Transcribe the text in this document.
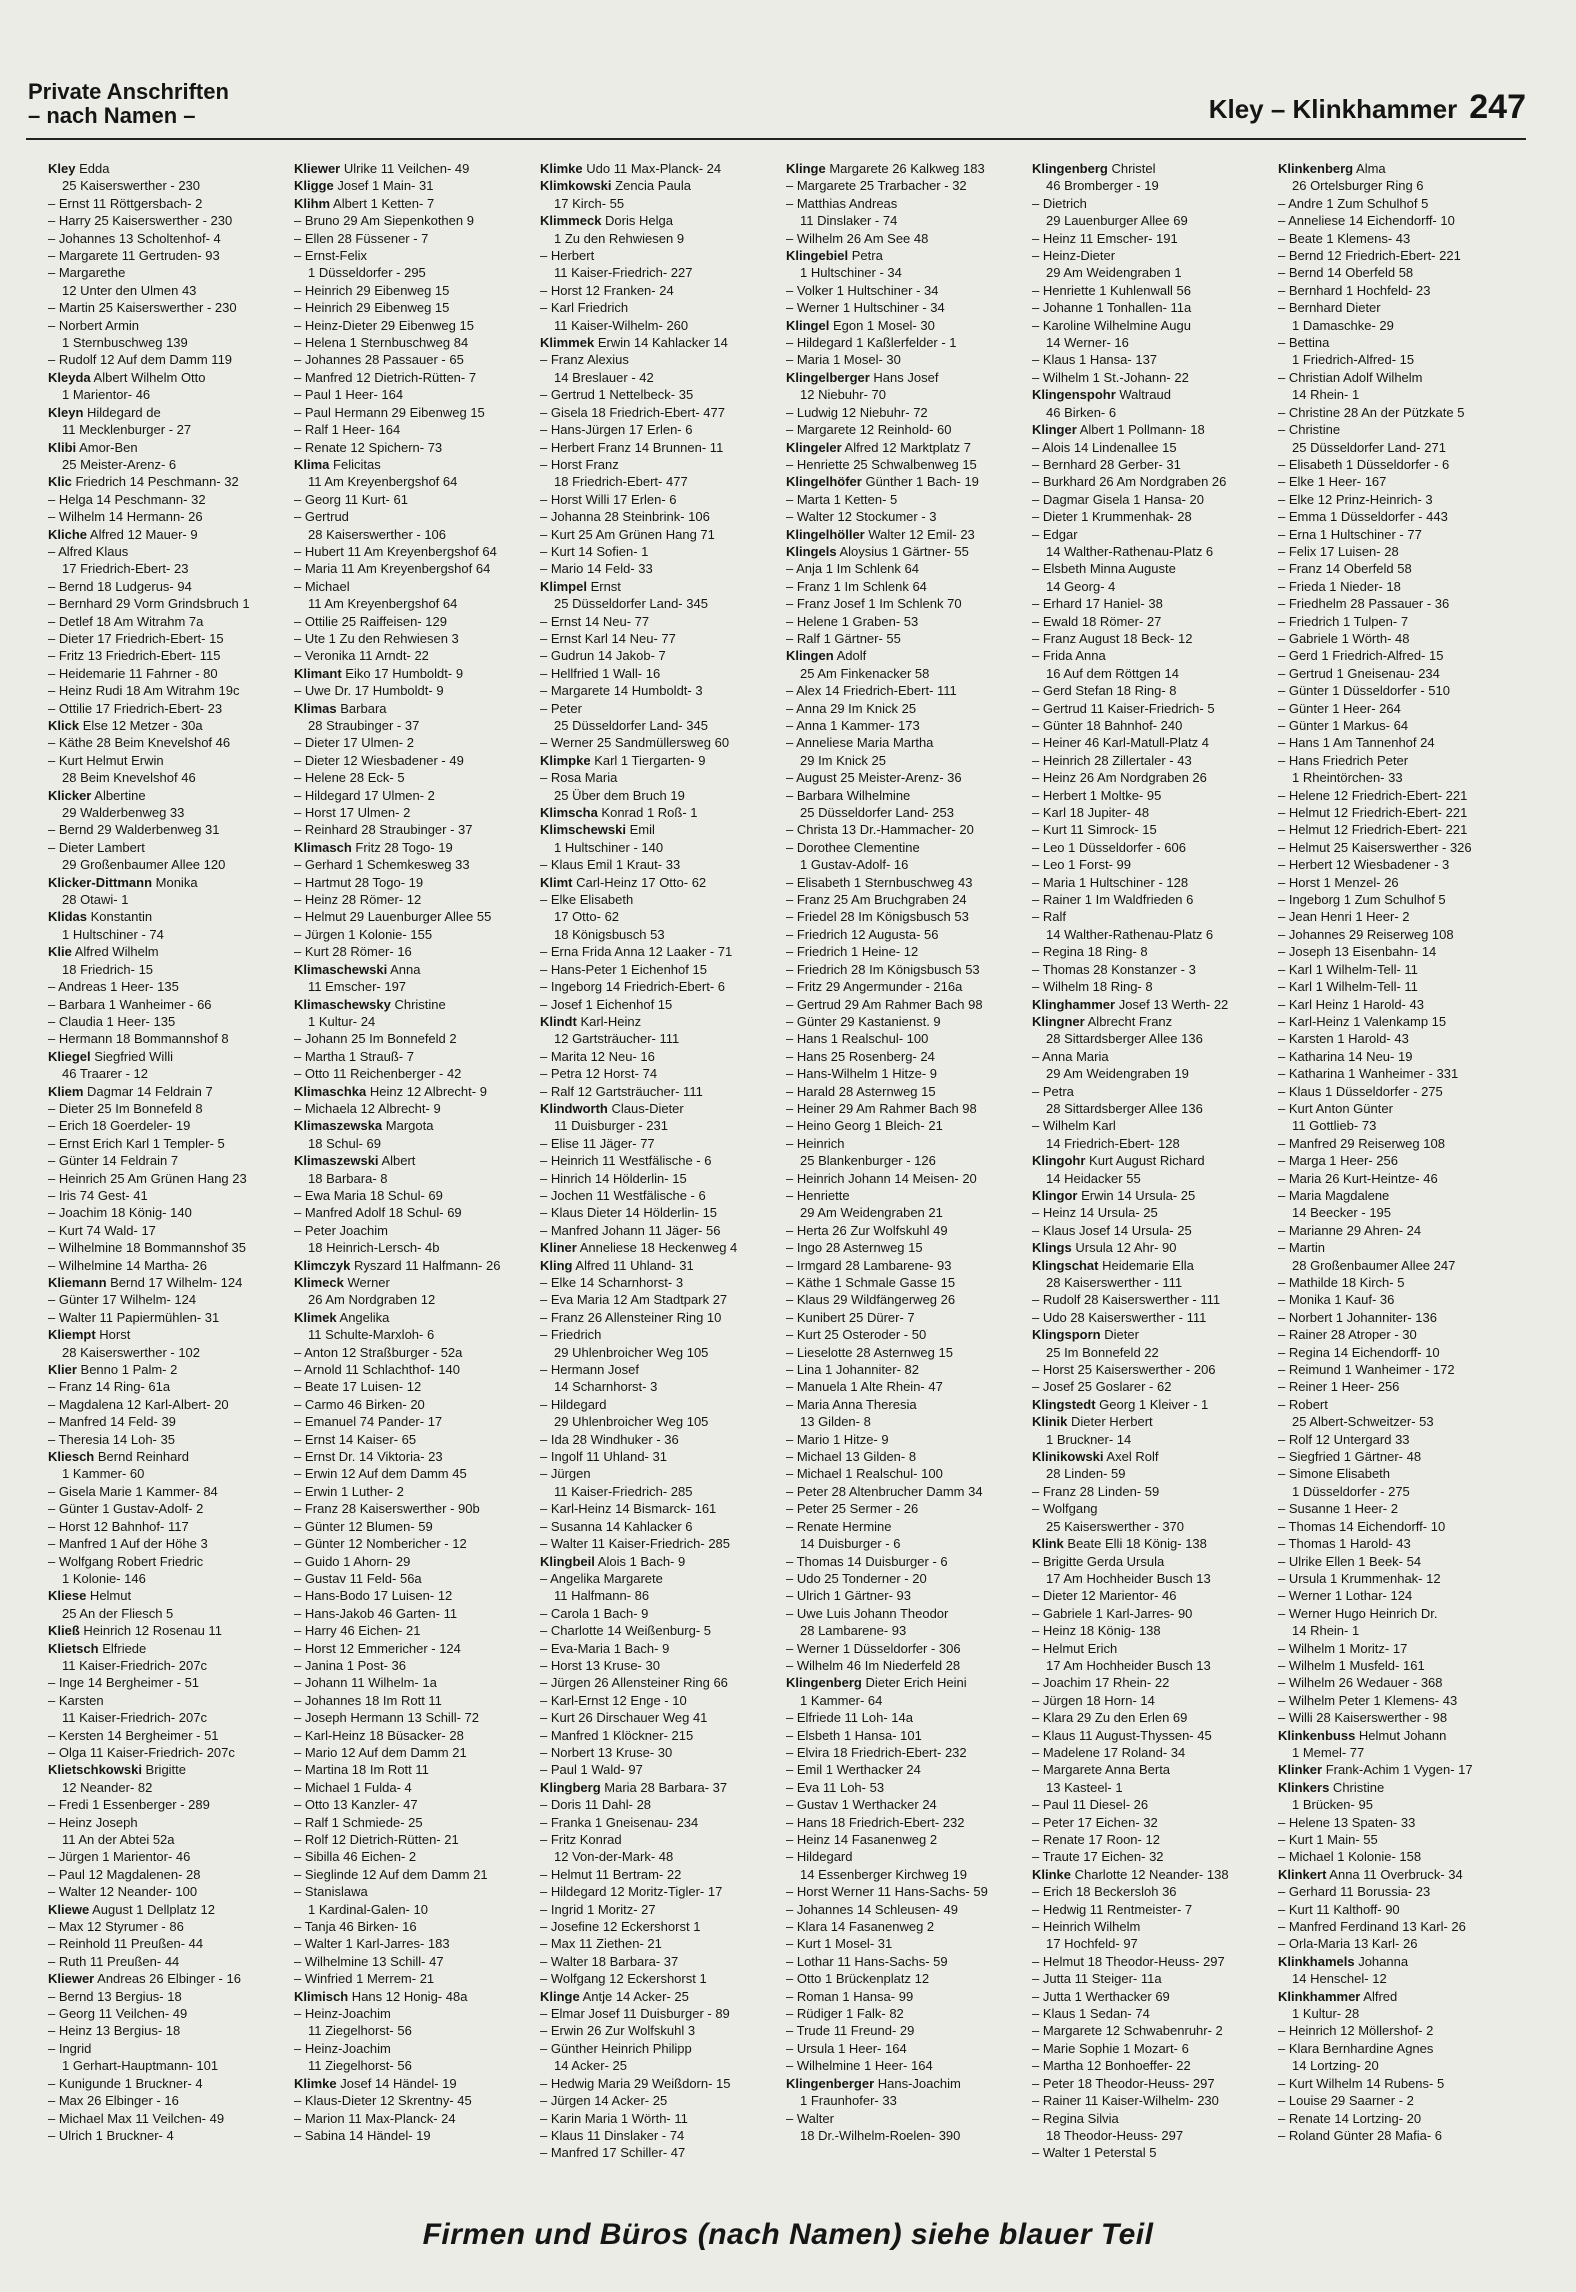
Private Anschriften
– nach Namen –	Kley – Klinkhammer 247
Kley Edda
25 Kaiserswerther - 230
– Ernst 11 Röttgersbach- 2
– Harry 25 Kaiserswerther - 230
– Johannes 13 Scholtenhof- 4
– Margarete 11 Gertruden- 93
– Margarethe
12 Unter den Ulmen 43
– Martin 25 Kaiserswerther - 230
– Norbert Armin
1 Sternbuschweg 139
– Rudolf 12 Auf dem Damm 119
Kleyda Albert Wilhelm Otto
1 Marientor- 46
Kleyn Hildegard de
11 Mecklenburger - 27
Klibi Amor-Ben
25 Meister-Arenz- 6
Klic Friedrich 14 Peschmann- 32
– Helga 14 Peschmann- 32
– Wilhelm 14 Hermann- 26
Kliche Alfred 12 Mauer- 9
– Alfred Klaus
17 Friedrich-Ebert- 23
– Bernd 18 Ludgerus- 94
– Bernhard 29 Vorm Grindsbruch 1
– Detlef 18 Am Witrahm 7a
– Dieter 17 Friedrich-Ebert- 15
– Fritz 13 Friedrich-Ebert- 115
– Heidemarie 11 Fahrner - 80
– Heinz Rudi 18 Am Witrahm 19c
– Ottilie 17 Friedrich-Ebert- 23
Klick Else 12 Metzer - 30a
– Käthe 28 Beim Knevelshof 46
– Kurt Helmut Erwin
28 Beim Knevelshof 46
Klicker Albertine
29 Walderbenweg 33
– Bernd 29 Walderbenweg 31
– Dieter Lambert
29 Großenbaumer Allee 120
Klicker-Dittmann Monika
28 Otawi- 1
Klidas Konstantin
1 Hultschiner - 74
Klie Alfred Wilhelm
18 Friedrich- 15
– Andreas 1 Heer- 135
– Barbara 1 Wanheimer - 66
– Claudia 1 Heer- 135
– Hermann 18 Bommannshof 8
Kliegel Siegfried Willi
46 Traarer - 12
Kliem Dagmar 14 Feldrain 7
– Dieter 25 Im Bonnefeld 8
– Erich 18 Goerdeler- 19
– Ernst Erich Karl 1 Templer- 5
– Günter 14 Feldrain 7
– Heinrich 25 Am Grünen Hang 23
– Iris 74 Gest- 41
– Joachim 18 König- 140
– Kurt 74 Wald- 17
– Wilhelmine 18 Bommannshof 35
– Wilhelmine 14 Martha- 26
Kliemann Bernd 17 Wilhelm- 124
– Günter 17 Wilhelm- 124
– Walter 11 Papiermühlen- 31
Kliempt Horst
28 Kaiserswerther - 102
Klier Benno 1 Palm- 2
– Franz 14 Ring- 61a
– Magdalena 12 Karl-Albert- 20
– Manfred 14 Feld- 39
– Theresia 14 Loh- 35
Kliesch Bernd Reinhard
1 Kammer- 60
– Gisela Marie 1 Kammer- 84
– Günter 1 Gustav-Adolf- 2
– Horst 12 Bahnhof- 117
– Manfred 1 Auf der Höhe 3
– Wolfgang Robert Friedric
1 Kolonie- 146
Kliese Helmut
25 An der Fliesch 5
Kließ Heinrich 12 Rosenau 11
Klietsch Elfriede
11 Kaiser-Friedrich- 207c
– Inge 14 Bergheimer - 51
– Karsten
11 Kaiser-Friedrich- 207c
– Kersten 14 Bergheimer - 51
– Olga 11 Kaiser-Friedrich- 207c
Klietschkowski Brigitte
12 Neander- 82
– Fredi 1 Essenberger - 289
– Heinz Joseph
11 An der Abtei 52a
– Jürgen 1 Marientor- 46
– Paul 12 Magdalenen- 28
– Walter 12 Neander- 100
Kliewe August 1 Dellplatz 12
– Max 12 Styrumer - 86
– Reinhold 11 Preußen- 44
– Ruth 11 Preußen- 44
Kliewer Andreas 26 Elbinger - 16
– Bernd 13 Bergius- 18
– Georg 11 Veilchen- 49
– Heinz 13 Bergius- 18
– Ingrid
1 Gerhart-Hauptmann- 101
– Kunigunde 1 Bruckner- 4
– Max 26 Elbinger - 16
– Michael Max 11 Veilchen- 49
– Ulrich 1 Bruckner- 4
Kliewer Ulrike 11 Veilchen- 49
Kligge Josef 1 Main- 31
Klihm Albert 1 Ketten- 7
– Bruno 29 Am Siepenkothen 9
– Ellen 28 Füssener - 7
– Ernst-Felix
1 Düsseldorfer - 295
– Heinrich 29 Eibenweg 15
– Heinrich 29 Eibenweg 15
– Heinz-Dieter 29 Eibenweg 15
– Helena 1 Sternbuschweg 84
– Johannes 28 Passauer - 65
– Manfred 12 Dietrich-Rütten- 7
– Paul 1 Heer- 164
– Paul Hermann 29 Eibenweg 15
– Ralf 1 Heer- 164
– Renate 12 Spichern- 73
Klima Felicitas
11 Am Kreyenbergshof 64
– Georg 11 Kurt- 61
– Gertrud
28 Kaiserswerther - 106
– Hubert 11 Am Kreyenbergshof 64
– Maria 11 Am Kreyenbergshof 64
– Michael
11 Am Kreyenbergshof 64
– Ottilie 25 Raiffeisen- 129
– Ute 1 Zu den Rehwiesen 3
– Veronika 11 Arndt- 22
Klimant Eiko 17 Humboldt- 9
– Uwe Dr. 17 Humboldt- 9
Klimas Barbara
28 Straubinger - 37
– Dieter 17 Ulmen- 2
– Dieter 12 Wiesbadener - 49
– Helene 28 Eck- 5
– Hildegard 17 Ulmen- 2
– Horst 17 Ulmen- 2
– Reinhard 28 Straubinger - 37
Klimasch Fritz 28 Togo- 19
– Gerhard 1 Schemkesweg 33
– Hartmut 28 Togo- 19
– Heinz 28 Römer- 12
– Helmut 29 Lauenburger Allee 55
– Jürgen 1 Kolonie- 155
– Kurt 28 Römer- 16
Klimaschewski Anna
11 Emscher- 197
Klimaschewsky Christine
1 Kultur- 24
– Johann 25 Im Bonnefeld 2
– Martha 1 Strauß- 7
– Otto 11 Reichenberger - 42
Klimaschka Heinz 12 Albrecht- 9
– Michaela 12 Albrecht- 9
Klimaszewska Margota
18 Schul- 69
Klimaszewski Albert
18 Barbara- 8
– Ewa Maria 18 Schul- 69
– Manfred Adolf 18 Schul- 69
– Peter Joachim
18 Heinrich-Lersch- 4b
Klimczyk Ryszard 11 Halfmann- 26
Klimeck Werner
26 Am Nordgraben 12
Klimek Angelika
11 Schulte-Marxloh- 6
– Anton 12 Straßburger - 52a
– Arnold 11 Schlachthof- 140
– Beate 17 Luisen- 12
– Carmo 46 Birken- 20
– Emanuel 74 Pander- 17
– Ernst 14 Kaiser- 65
– Ernst Dr. 14 Viktoria- 23
– Erwin 12 Auf dem Damm 45
– Erwin 1 Luther- 2
– Franz 28 Kaiserswerther - 90b
– Günter 12 Blumen- 59
– Günter 12 Nombericher - 12
– Guido 1 Ahorn- 29
– Gustav 11 Feld- 56a
– Hans-Bodo 17 Luisen- 12
– Hans-Jakob 46 Garten- 11
– Harry 46 Eichen- 21
– Horst 12 Emmericher - 124
– Janina 1 Post- 36
– Johann 11 Wilhelm- 1a
– Johannes 18 Im Rott 11
– Joseph Hermann 13 Schill- 72
– Karl-Heinz 18 Büsacker- 28
– Mario 12 Auf dem Damm 21
– Martina 18 Im Rott 11
– Michael 1 Fulda- 4
– Otto 13 Kanzler- 47
– Ralf 1 Schmiede- 25
– Rolf 12 Dietrich-Rütten- 21
– Sibilla 46 Eichen- 2
– Sieglinde 12 Auf dem Damm 21
– Stanislawa
1 Kardinal-Galen- 10
– Tanja 46 Birken- 16
– Walter 1 Karl-Jarres- 183
– Wilhelmine 13 Schill- 47
– Winfried 1 Merrem- 21
Klimisch Hans 12 Honig- 48a
– Heinz-Joachim
11 Ziegelhorst- 56
– Heinz-Joachim
11 Ziegelhorst- 56
Klimke Josef 14 Händel- 19
– Klaus-Dieter 12 Skrentny- 45
– Marion 11 Max-Planck- 24
– Sabina 14 Händel- 19
Klimke Udo 11 Max-Planck- 24
Klimkowski Zencia Paula
17 Kirch- 55
Klimmeck Doris Helga
1 Zu den Rehwiesen 9
– Herbert
11 Kaiser-Friedrich- 227
– Horst 12 Franken- 24
– Karl Friedrich
11 Kaiser-Wilhelm- 260
Klimmek Erwin 14 Kahlacker 14
– Franz Alexius
14 Breslauer - 42
– Gertrud 1 Nettelbeck- 35
– Gisela 18 Friedrich-Ebert- 477
– Hans-Jürgen 17 Erlen- 6
– Herbert Franz 14 Brunnen- 11
– Horst Franz
18 Friedrich-Ebert- 477
– Horst Willi 17 Erlen- 6
– Johanna 28 Steinbrink- 106
– Kurt 25 Am Grünen Hang 71
– Kurt 14 Sofien- 1
– Mario 14 Feld- 33
Klimpel Ernst
25 Düsseldorfer Land- 345
– Ernst 14 Neu- 77
– Ernst Karl 14 Neu- 77
– Gudrun 14 Jakob- 7
– Hellfried 1 Wall- 16
– Margarete 14 Humboldt- 3
– Peter
25 Düsseldorfer Land- 345
– Werner 25 Sandmüllersweg 60
Klimpke Karl 1 Tiergarten- 9
– Rosa Maria
25 Über dem Bruch 19
Klimscha Konrad 1 Roß- 1
Klimschewski Emil
1 Hultschiner - 140
– Klaus Emil 1 Kraut- 33
Klimt Carl-Heinz 17 Otto- 62
– Elke Elisabeth
17 Otto- 62
18 Königsbusch 53
– Erna Frida Anna 12 Laaker - 71
– Hans-Peter 1 Eichenhof 15
– Ingeborg 14 Friedrich-Ebert- 6
– Josef 1 Eichenhof 15
Klindt Karl-Heinz
12 Gartsträucher- 111
– Marita 12 Neu- 16
– Petra 12 Horst- 74
– Ralf 12 Gartsträucher- 111
Klindworth Claus-Dieter
11 Duisburger - 231
– Elise 11 Jäger- 77
– Heinrich 11 Westfälische - 6
– Hinrich 14 Hölderlin- 15
– Jochen 11 Westfälische - 6
– Klaus Dieter 14 Hölderlin- 15
– Manfred Johann 11 Jäger- 56
Kliner Anneliese 18 Heckenweg 4
Kling Alfred 11 Uhland- 31
– Elke 14 Scharnhorst- 3
– Eva Maria 12 Am Stadtpark 27
– Franz 26 Allensteiner Ring 10
– Friedrich
29 Uhlenbroicher Weg 105
– Hermann Josef
14 Scharnhorst- 3
– Hildegard
29 Uhlenbroicher Weg 105
– Ida 28 Windhuker - 36
– Ingolf 11 Uhland- 31
– Jürgen
11 Kaiser-Friedrich- 285
– Karl-Heinz 14 Bismarck- 161
– Susanna 14 Kahlacker 6
– Walter 11 Kaiser-Friedrich- 285
Klingbeil Alois 1 Bach- 9
– Angelika Margarete
11 Halfmann- 86
– Carola 1 Bach- 9
– Charlotte 14 Weißenburg- 5
– Eva-Maria 1 Bach- 9
– Horst 13 Kruse- 30
– Jürgen 26 Allensteiner Ring 66
– Karl-Ernst 12 Enge - 10
– Kurt 26 Dirschauer Weg 41
– Manfred 1 Klöckner- 215
– Norbert 13 Kruse- 30
– Paul 1 Wald- 97
Klingberg Maria 28 Barbara- 37
– Doris 11 Dahl- 28
– Franka 1 Gneisenau- 234
– Fritz Konrad
12 Von-der-Mark- 48
– Helmut 11 Bertram- 22
– Hildegard 12 Moritz-Tigler- 17
– Ingrid 1 Moritz- 27
– Josefine 12 Eckershorst 1
– Max 11 Ziethen- 21
– Walter 18 Barbara- 37
– Wolfgang 12 Eckershorst 1
Klinge Antje 14 Acker- 25
– Elmar Josef 11 Duisburger - 89
– Erwin 26 Zur Wolfskuhl 3
– Günther Heinrich Philipp
14 Acker- 25
– Hedwig Maria 29 Weißdorn- 15
– Jürgen 14 Acker- 25
– Karin Maria 1 Wörth- 11
– Klaus 11 Dinslaker - 74
– Manfred 17 Schiller- 47
Klinge Margarete 26 Kalkweg 183
– Margarete 25 Trarbacher - 32
– Matthias Andreas
11 Dinslaker - 74
– Wilhelm 26 Am See 48
Klingebiel Petra
1 Hultschiner - 34
– Volker 1 Hultschiner - 34
– Werner 1 Hultschiner - 34
Klingel Egon 1 Mosel- 30
– Hildegard 1 Kaßlerfelder - 1
– Maria 1 Mosel- 30
Klingelberger Hans Josef
12 Niebuhr- 70
– Ludwig 12 Niebuhr- 72
– Margarete 12 Reinhold- 60
Klingeler Alfred 12 Marktplatz 7
– Henriette 25 Schwalbenweg 15
Klingelhöfer Günther 1 Bach- 19
– Marta 1 Ketten- 5
– Walter 12 Stockumer - 3
Klingelhöller Walter 12 Emil- 23
Klingels Aloysius 1 Gärtner- 55
– Anja 1 Im Schlenk 64
– Franz 1 Im Schlenk 64
– Franz Josef 1 Im Schlenk 70
– Helene 1 Graben- 53
– Ralf 1 Gärtner- 55
Klingen Adolf
25 Am Finkenacker 58
– Alex 14 Friedrich-Ebert- 111
– Anna 29 Im Knick 25
– Anna 1 Kammer- 173
– Anneliese Maria Martha
29 Im Knick 25
– August 25 Meister-Arenz- 36
– Barbara Wilhelmine
25 Düsseldorfer Land- 253
– Christa 13 Dr.-Hammacher- 20
– Dorothee Clementine
1 Gustav-Adolf- 16
– Elisabeth 1 Sternbuschweg 43
– Franz 25 Am Bruchgraben 24
– Friedel 28 Im Königsbusch 53
– Friedrich 12 Augusta- 56
– Friedrich 1 Heine- 12
– Friedrich 28 Im Königsbusch 53
– Fritz 29 Angermunder - 216a
– Gertrud 29 Am Rahmer Bach 98
– Günter 29 Kastanienst. 9
– Hans 1 Realschul- 100
– Hans 25 Rosenberg- 24
– Hans-Wilhelm 1 Hitze- 9
– Harald 28 Asternweg 15
– Heiner 29 Am Rahmer Bach 98
– Heino Georg 1 Bleich- 21
– Heinrich
25 Blankenburger - 126
– Heinrich Johann 14 Meisen- 20
– Henriette
29 Am Weidengraben 21
– Herta 26 Zur Wolfskuhl 49
– Ingo 28 Asternweg 15
– Irmgard 28 Lambarene- 93
– Käthe 1 Schmale Gasse 15
– Klaus 29 Wildfängerweg 26
– Kunibert 25 Dürer- 7
– Kurt 25 Osteroder - 50
– Lieselotte 28 Asternweg 15
– Lina 1 Johanniter- 82
– Manuela 1 Alte Rhein- 47
– Maria Anna Theresia
13 Gilden- 8
– Mario 1 Hitze- 9
– Michael 13 Gilden- 8
– Michael 1 Realschul- 100
– Peter 28 Altenbrucher Damm 34
– Peter 25 Sermer - 26
– Renate Hermine
14 Duisburger - 6
– Thomas 14 Duisburger - 6
– Udo 25 Tonderner - 20
– Ulrich 1 Gärtner- 93
– Uwe Luis Johann Theodor
28 Lambarene- 93
– Werner 1 Düsseldorfer - 306
– Wilhelm 46 Im Niederfeld 28
Klingenberg Dieter Erich Heini
1 Kammer- 64
– Elfriede 11 Loh- 14a
– Elsbeth 1 Hansa- 101
– Elvira 18 Friedrich-Ebert- 232
– Emil 1 Werthacker 24
– Eva 11 Loh- 53
– Gustav 1 Werthacker 24
– Hans 18 Friedrich-Ebert- 232
– Heinz 14 Fasanenweg 2
– Hildegard
14 Essenberger Kirchweg 19
– Horst Werner 11 Hans-Sachs- 59
– Johannes 14 Schleusen- 49
– Klara 14 Fasanenweg 2
– Kurt 1 Mosel- 31
– Lothar 11 Hans-Sachs- 59
– Otto 1 Brückenplatz 12
– Roman 1 Hansa- 99
– Rüdiger 1 Falk- 82
– Trude 11 Freund- 29
– Ursula 1 Heer- 164
– Wilhelmine 1 Heer- 164
Klingenberger Hans-Joachim
1 Fraunhofer- 33
– Walter
18 Dr.-Wilhelm-Roelen- 390
Klingenberg Christel
46 Bromberger - 19
– Dietrich
29 Lauenburger Allee 69
– Heinz 11 Emscher- 191
– Heinz-Dieter
29 Am Weidengraben 1
– Henriette 1 Kuhlenwall 56
– Johanne 1 Tonhallen- 11a
– Karoline Wilhelmine Augu
14 Werner- 16
– Klaus 1 Hansa- 137
– Wilhelm 1 St.-Johann- 22
Klingenspohr Waltraud
46 Birken- 6
Klinger Albert 1 Pollmann- 18
– Alois 14 Lindenallee 15
– Bernhard 28 Gerber- 31
– Burkhard 26 Am Nordgraben 26
– Dagmar Gisela 1 Hansa- 20
– Dieter 1 Krummenhak- 28
– Edgar
14 Walther-Rathenau-Platz 6
– Elsbeth Minna Auguste
14 Georg- 4
– Erhard 17 Haniel- 38
– Ewald 18 Römer- 27
– Franz August 18 Beck- 12
– Frida Anna
16 Auf dem Röttgen 14
– Gerd Stefan 18 Ring- 8
– Gertrud 11 Kaiser-Friedrich- 5
– Günter 18 Bahnhof- 240
– Heiner 46 Karl-Matull-Platz 4
– Heinrich 28 Zillertaler - 43
– Heinz 26 Am Nordgraben 26
– Herbert 1 Moltke- 95
– Karl 18 Jupiter- 48
– Kurt 11 Simrock- 15
– Leo 1 Düsseldorfer - 606
– Leo 1 Forst- 99
– Maria 1 Hultschiner - 128
– Rainer 1 Im Waldfrieden 6
– Ralf
14 Walther-Rathenau-Platz 6
– Regina 18 Ring- 8
– Thomas 28 Konstanzer - 3
– Wilhelm 18 Ring- 8
Klinghammer Josef 13 Werth- 22
Klingner Albrecht Franz
28 Sittardsberger Allee 136
– Anna Maria
29 Am Weidengraben 19
– Petra
28 Sittardsberger Allee 136
– Wilhelm Karl
14 Friedrich-Ebert- 128
Klingohr Kurt August Richard
14 Heidacker 55
Klingor Erwin 14 Ursula- 25
– Heinz 14 Ursula- 25
– Klaus Josef 14 Ursula- 25
Klings Ursula 12 Ahr- 90
Klingschat Heidemarie Ella
28 Kaiserswerther - 111
– Rudolf 28 Kaiserswerther - 111
– Udo 28 Kaiserswerther - 111
Klingsporn Dieter
25 Im Bonnefeld 22
– Horst 25 Kaiserswerther - 206
– Josef 25 Goslarer - 62
Klingstedt Georg 1 Kleiver - 1
Klinik Dieter Herbert
1 Bruckner- 14
Klinikowski Axel Rolf
28 Linden- 59
– Franz 28 Linden- 59
– Wolfgang
25 Kaiserswerther - 370
Klink Beate Elli 18 König- 138
– Brigitte Gerda Ursula
17 Am Hochheider Busch 13
– Dieter 12 Marientor- 46
– Gabriele 1 Karl-Jarres- 90
– Heinz 18 König- 138
– Helmut Erich
17 Am Hochheider Busch 13
– Joachim 17 Rhein- 22
– Jürgen 18 Horn- 14
– Klara 29 Zu den Erlen 69
– Klaus 11 August-Thyssen- 45
– Madelene 17 Roland- 34
– Margarete Anna Berta
13 Kasteel- 1
– Paul 11 Diesel- 26
– Peter 17 Eichen- 32
– Renate 17 Roon- 12
– Traute 17 Eichen- 32
Klinke Charlotte 12 Neander- 138
– Erich 18 Beckersloh 36
– Hedwig 11 Rentmeister- 7
– Heinrich Wilhelm
17 Hochfeld- 97
– Helmut 18 Theodor-Heuss- 297
– Jutta 11 Steiger- 11a
– Jutta 1 Werthacker 69
– Klaus 1 Sedan- 74
– Margarete 12 Schwabenruhr- 2
– Marie Sophie 1 Mozart- 6
– Martha 12 Bonhoeffer- 22
– Peter 18 Theodor-Heuss- 297
– Rainer 11 Kaiser-Wilhelm- 230
– Regina Silvia
18 Theodor-Heuss- 297
– Walter 1 Peterstal 5
Klinkenberg Alma
26 Ortelsburger Ring 6
– Andre 1 Zum Schulhof 5
– Anneliese 14 Eichendorff- 10
– Beate 1 Klemens- 43
– Bernd 12 Friedrich-Ebert- 221
– Bernd 14 Oberfeld 58
– Bernhard 1 Hochfeld- 23
– Bernhard Dieter
1 Damaschke- 29
– Bettina
1 Friedrich-Alfred- 15
– Christian Adolf Wilhelm
14 Rhein- 1
– Christine 28 An der Pützkate 5
– Christine
25 Düsseldorfer Land- 271
– Elisabeth 1 Düsseldorfer - 6
– Elke 1 Heer- 167
– Elke 12 Prinz-Heinrich- 3
– Emma 1 Düsseldorfer - 443
– Erna 1 Hultschiner - 77
– Felix 17 Luisen- 28
– Franz 14 Oberfeld 58
– Frieda 1 Nieder- 18
– Friedhelm 28 Passauer - 36
– Friedrich 1 Tulpen- 7
– Gabriele 1 Wörth- 48
– Gerd 1 Friedrich-Alfred- 15
– Gertrud 1 Gneisenau- 234
– Günter 1 Düsseldorfer - 510
– Günter 1 Heer- 264
– Günter 1 Markus- 64
– Hans 1 Am Tannenhof 24
– Hans Friedrich Peter
1 Rheintörchen- 33
– Helene 12 Friedrich-Ebert- 221
– Helmut 12 Friedrich-Ebert- 221
– Helmut 12 Friedrich-Ebert- 221
– Helmut 25 Kaiserswerther - 326
– Herbert 12 Wiesbadener - 3
– Horst 1 Menzel- 26
– Ingeborg 1 Zum Schulhof 5
– Jean Henri 1 Heer- 2
– Johannes 29 Reiserweg 108
– Joseph 13 Eisenbahn- 14
– Karl 1 Wilhelm-Tell- 11
– Karl 1 Wilhelm-Tell- 11
– Karl Heinz 1 Harold- 43
– Karl-Heinz 1 Valenkamp 15
– Karsten 1 Harold- 43
– Katharina 14 Neu- 19
– Katharina 1 Wanheimer - 331
– Klaus 1 Düsseldorfer - 275
– Kurt Anton Günter
11 Gottlieb- 73
– Manfred 29 Reiserweg 108
– Marga 1 Heer- 256
– Maria 26 Kurt-Heintze- 46
– Maria Magdalene
14 Beecker - 195
– Marianne 29 Ahren- 24
– Martin
28 Großenbaumer Allee 247
– Mathilde 18 Kirch- 5
– Monika 1 Kauf- 36
– Norbert 1 Johanniter- 136
– Rainer 28 Atroper - 30
– Regina 14 Eichendorff- 10
– Reimund 1 Wanheimer - 172
– Reiner 1 Heer- 256
– Robert
25 Albert-Schweitzer- 53
– Rolf 12 Untergard 33
– Siegfried 1 Gärtner- 48
– Simone Elisabeth
1 Düsseldorfer - 275
– Susanne 1 Heer- 2
– Thomas 14 Eichendorff- 10
– Thomas 1 Harold- 43
– Ulrike Ellen 1 Beek- 54
– Ursula 1 Krummenhak- 12
– Werner 1 Lothar- 124
– Werner Hugo Heinrich Dr.
14 Rhein- 1
– Wilhelm 1 Moritz- 17
– Wilhelm 1 Musfeld- 161
– Wilhelm 26 Wedauer - 368
– Wilhelm Peter 1 Klemens- 43
– Willi 28 Kaiserswerther - 98
Klinkenbuss Helmut Johann
1 Memel- 77
Klinker Frank-Achim 1 Vygen- 17
Klinkers Christine
1 Brücken- 95
– Helene 13 Spaten- 33
– Kurt 1 Main- 55
– Michael 1 Kolonie- 158
Klinkert Anna 11 Overbruck- 34
– Gerhard 11 Borussia- 23
– Kurt 11 Kalthoff- 90
– Manfred Ferdinand 13 Karl- 26
– Orla-Maria 13 Karl- 26
Klinkhamels Johanna
14 Henschel- 12
Klinkhammer Alfred
1 Kultur- 28
– Heinrich 12 Möllershof- 2
– Klara Bernhardine Agnes
14 Lortzing- 20
– Kurt Wilhelm 14 Rubens- 5
– Louise 29 Saarner - 2
– Renate 14 Lortzing- 20
– Roland Günter 28 Mafia- 6
Firmen und Büros (nach Namen) siehe blauer Teil
